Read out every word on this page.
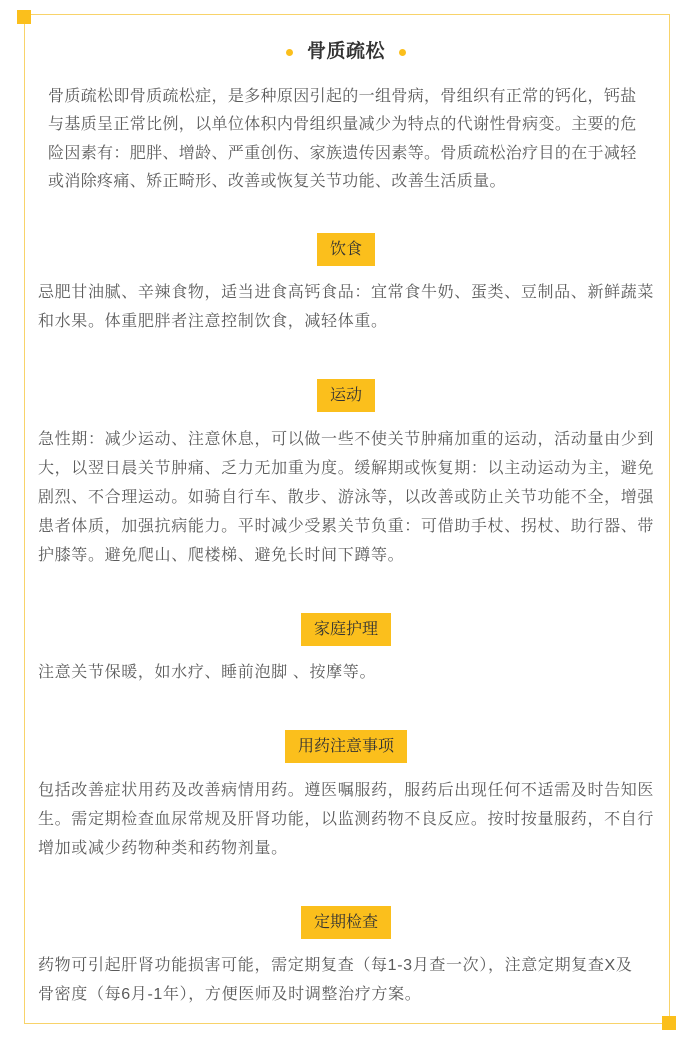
骨质疏松
骨质疏松即骨质疏松症，是多种原因引起的一组骨病，骨组织有正常的钙化，钙盐
与基质呈正常比例，以单位体积内骨组织量减少为特点的代谢性骨病变。主要的危
险因素有：肥胖、增龄、严重创伤、家族遗传因素等。骨质疏松治疗目的在于减轻
或消除疼痛、矫正畸形、改善或恢复关节功能、改善生活质量。
饮食
忌肥甘油腻、辛辣食物，适当进食高钙食品：宜常食牛奶、蛋类、豆制品、新鲜蔬菜
和水果。体重肥胖者注意控制饮食，减轻体重。
运动
急性期：减少运动、注意休息，可以做一些不使关节肿痛加重的运动，活动量由少到
大，以翌日晨关节肿痛、乏力无加重为度。缓解期或恢复期：以主动运动为主，避免
剧烈、不合理运动。如骑自行车、散步、游泳等，以改善或防止关节功能不全，增强
患者体质，加强抗病能力。平时减少受累关节负重：可借助手杖、拐杖、助行器、带
护膝等。避免爬山、爬楼梯、避免长时间下蹲等。
家庭护理
注意关节保暖，如水疗、睡前泡脚 、按摩等。
用药注意事项
包括改善症状用药及改善病情用药。遵医嘱服药，服药后出现任何不适需及时告知医
生。需定期检查血尿常规及肝肾功能，以监测药物不良反应。按时按量服药，不自行
增加或减少药物种类和药物剂量。
定期检查
药物可引起肝肾功能损害可能，需定期复查（每1-3月查一次），注意定期复查X及
骨密度（每6月-1年），方便医师及时调整治疗方案。
